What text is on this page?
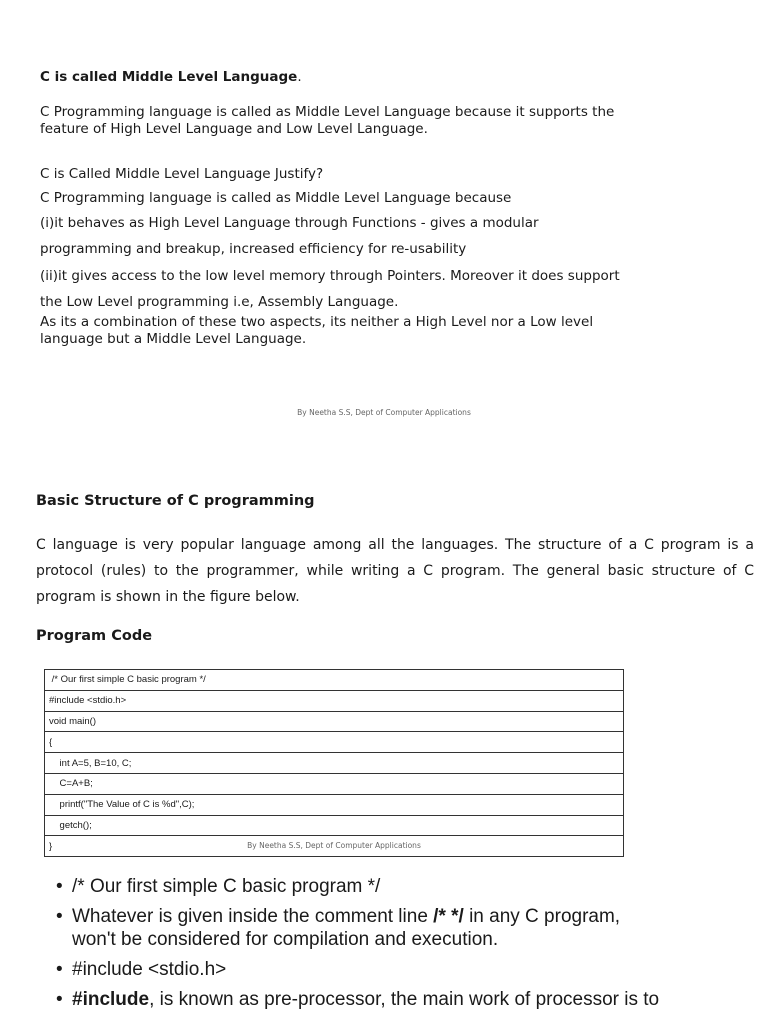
C is called Middle Level Language.
C Programming language is called as Middle Level Language because it supports the
feature of High Level Language and Low Level Language.
C is Called Middle Level Language Justify?
C Programming language is called as Middle Level Language because
(i)it behaves as High Level Language through Functions - gives a modular
programming and breakup, increased efficiency for re-usability
(ii)it gives access to the low level memory through Pointers. Moreover it does support
the Low Level programming i.e, Assembly Language.
As its a combination of these two aspects, its neither a High Level nor a Low level
language but a Middle Level Language.
By Neetha S.S, Dept of Computer Applications
Basic Structure of C programming
C language is very popular language among all the languages. The structure of a C program is a
protocol (rules) to the programmer, while writing a C program. The general basic structure of C
program is shown in the figure below.
Program Code
/* Our first simple C basic program */
#include <stdio.h>
void main()
{
int A=5, B=10, C;
C=A+B;
printf("The Value of C is %d",C);
getch();
}	By Neetha S.S, Dept of Computer Applications
• /* Our first simple C basic program */
• Whatever is given inside the comment line /* */ in any C program,
won't be considered for compilation and execution.
• #include <stdio.h>
• #include, is known as pre-processor, the main work of processor is to
